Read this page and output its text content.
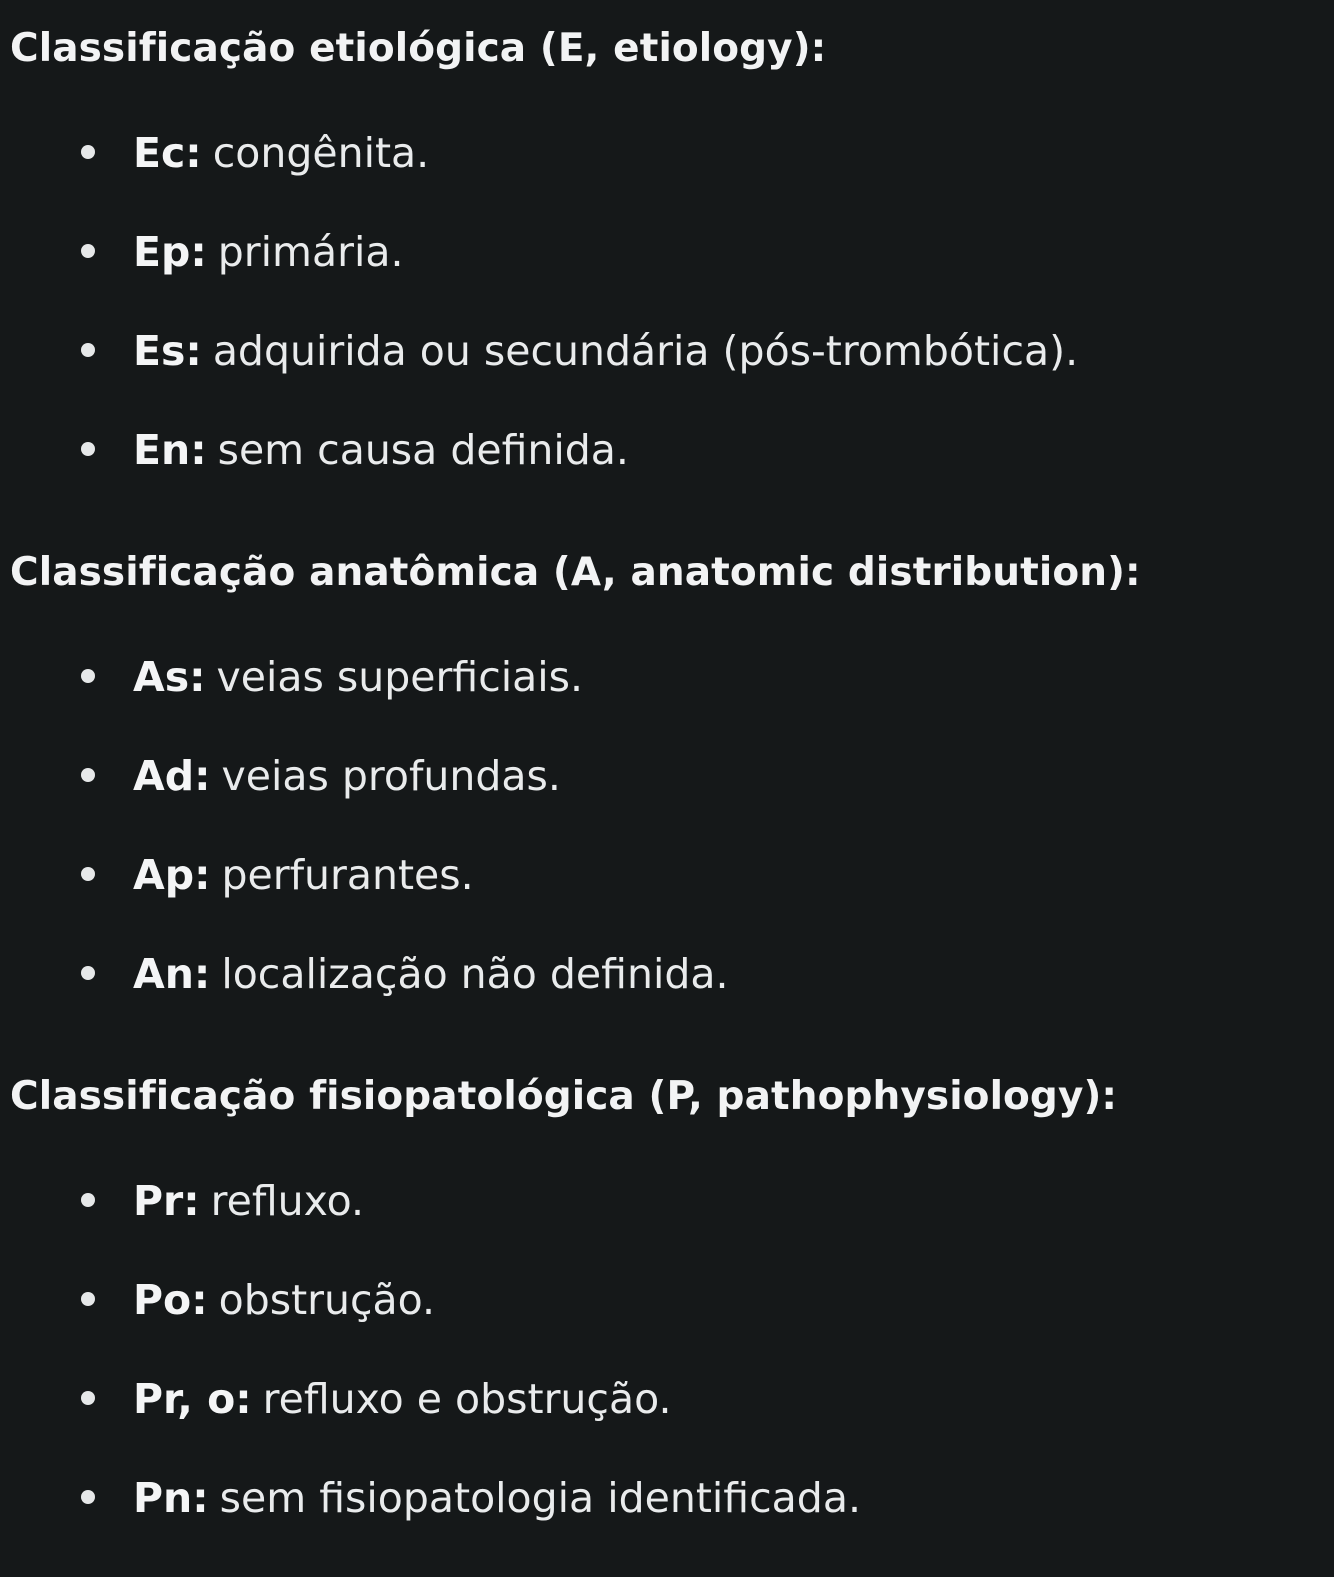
Classificação etiológica (E, etiology):
Ec: congênita.
Ep: primária.
Es: adquirida ou secundária (pós-trombótica).
En: sem causa definida.
Classificação anatômica (A, anatomic distribution):
As: veias superficiais.
Ad: veias profundas.
Ap: perfurantes.
An: localização não definida.
Classificação fisiopatológica (P, pathophysiology):
Pr: refluxo.
Po: obstrução.
Pr, o: refluxo e obstrução.
Pn: sem fisiopatologia identificada.
